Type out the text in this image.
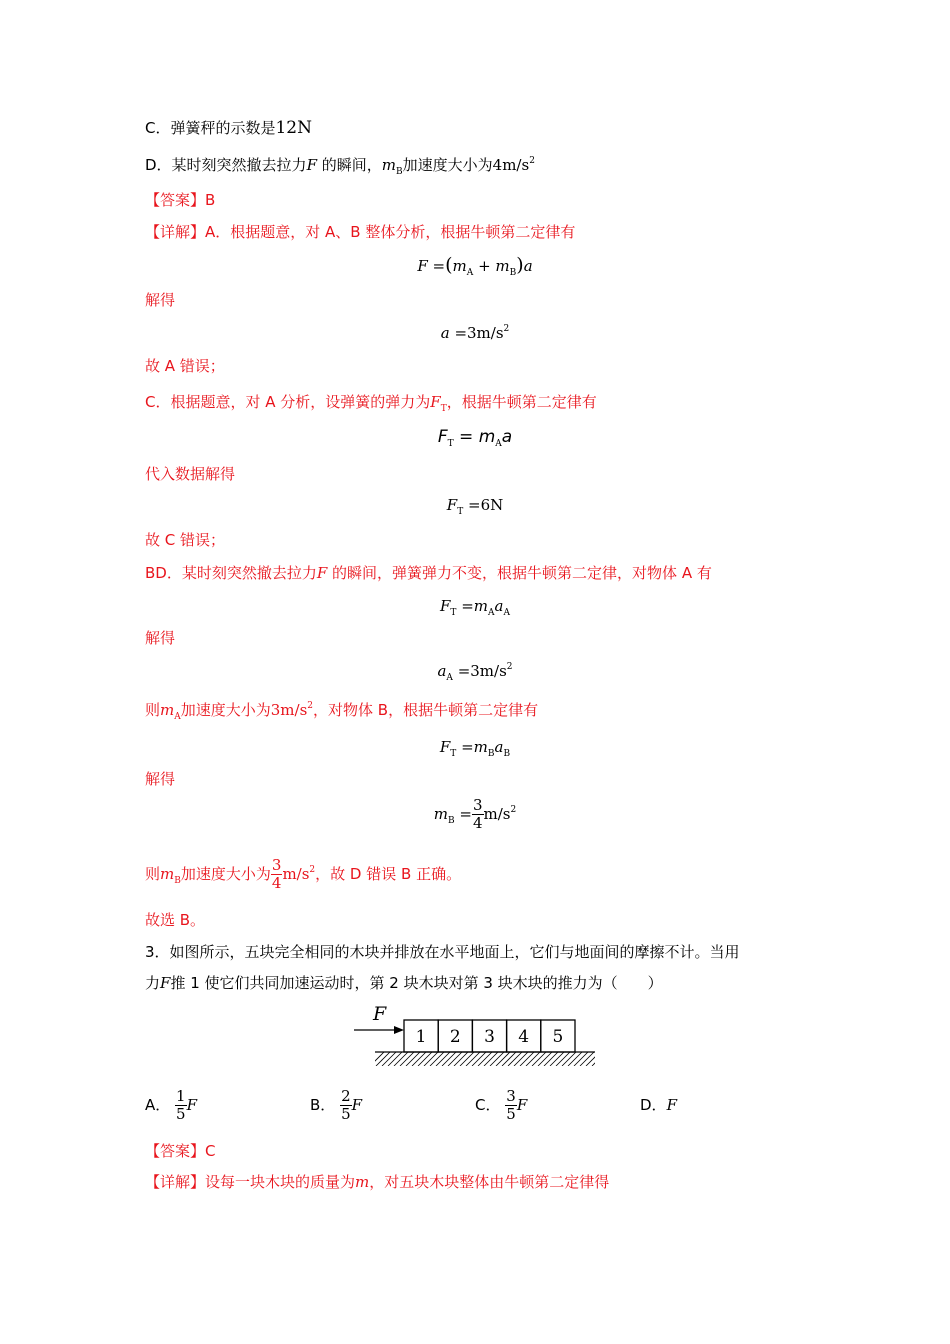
C．弹簧秤的示数是12N
D．某时刻突然撤去拉力F 的瞬间，$m_B$加速度大小为$4m/s^2$
【答案】B
【详解】A．根据题意，对 A、B 整体分析，根据牛顿第二定律有
$F =(m_A + m_B)a$
解得
$a =3m/s^2$
故 A 错误；
C．根据题意，对 A 分析，设弹簧的弹力为$F_T$，根据牛顿第二定律有
$F_T = m_Aa$
代入数据解得
$F_T =6N$
故 C 错误；
BD．某时刻突然撤去拉力F 的瞬间，弹簧弹力不变，根据牛顿第二定律，对物体 A 有
$F_T =m_Aa_A$
解得
$a_A =3m/s^2$
则$m_A$加速度大小为$3m/s^2$，对物体 B，根据牛顿第二定律有
$F_T =m_Ba_B$
解得
$m_B = \frac{3}{4} m/s^2$
则$m_B$加速度大小为 $\frac{3}{4} m/s^2$，故 D 错误 B 正确。
故选 B。
3．如图所示，五块完全相同的木块并排放在水平地面上，它们与地面间的摩擦不计。当用
力F推 1 使它们共同加速运动时，第 2 块木块对第 3 块木块的推力为（　　）
F
1 2 3 4 5
A． $\frac{1}{5}$ F	B． $\frac{2}{5}$ F	C． $\frac{3}{5}$ F	D．F
【答案】C
【详解】设每一块木块的质量为m，对五块木块整体由牛顿第二定律得
